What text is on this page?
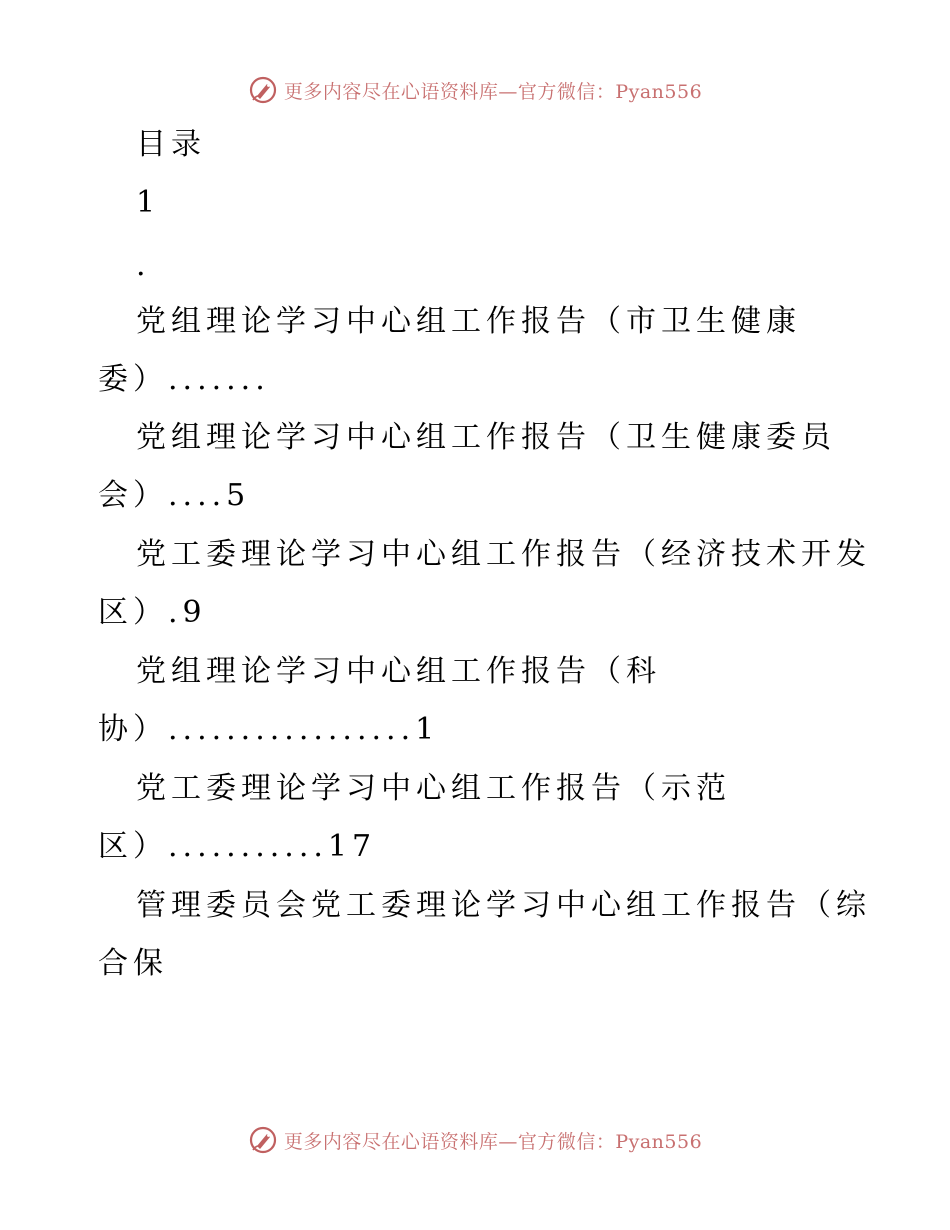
更多内容尽在心语资料库—官方微信：Pyan556
目录
1
.
党组理论学习中心组工作报告（市卫生健康
委）.......
党组理论学习中心组工作报告（卫生健康委员
会）....5
党工委理论学习中心组工作报告（经济技术开发
区）.9
党组理论学习中心组工作报告（科
协）.................1
党工委理论学习中心组工作报告（示范
区）...........17
管理委员会党工委理论学习中心组工作报告（综
合保
更多内容尽在心语资料库—官方微信：Pyan556
